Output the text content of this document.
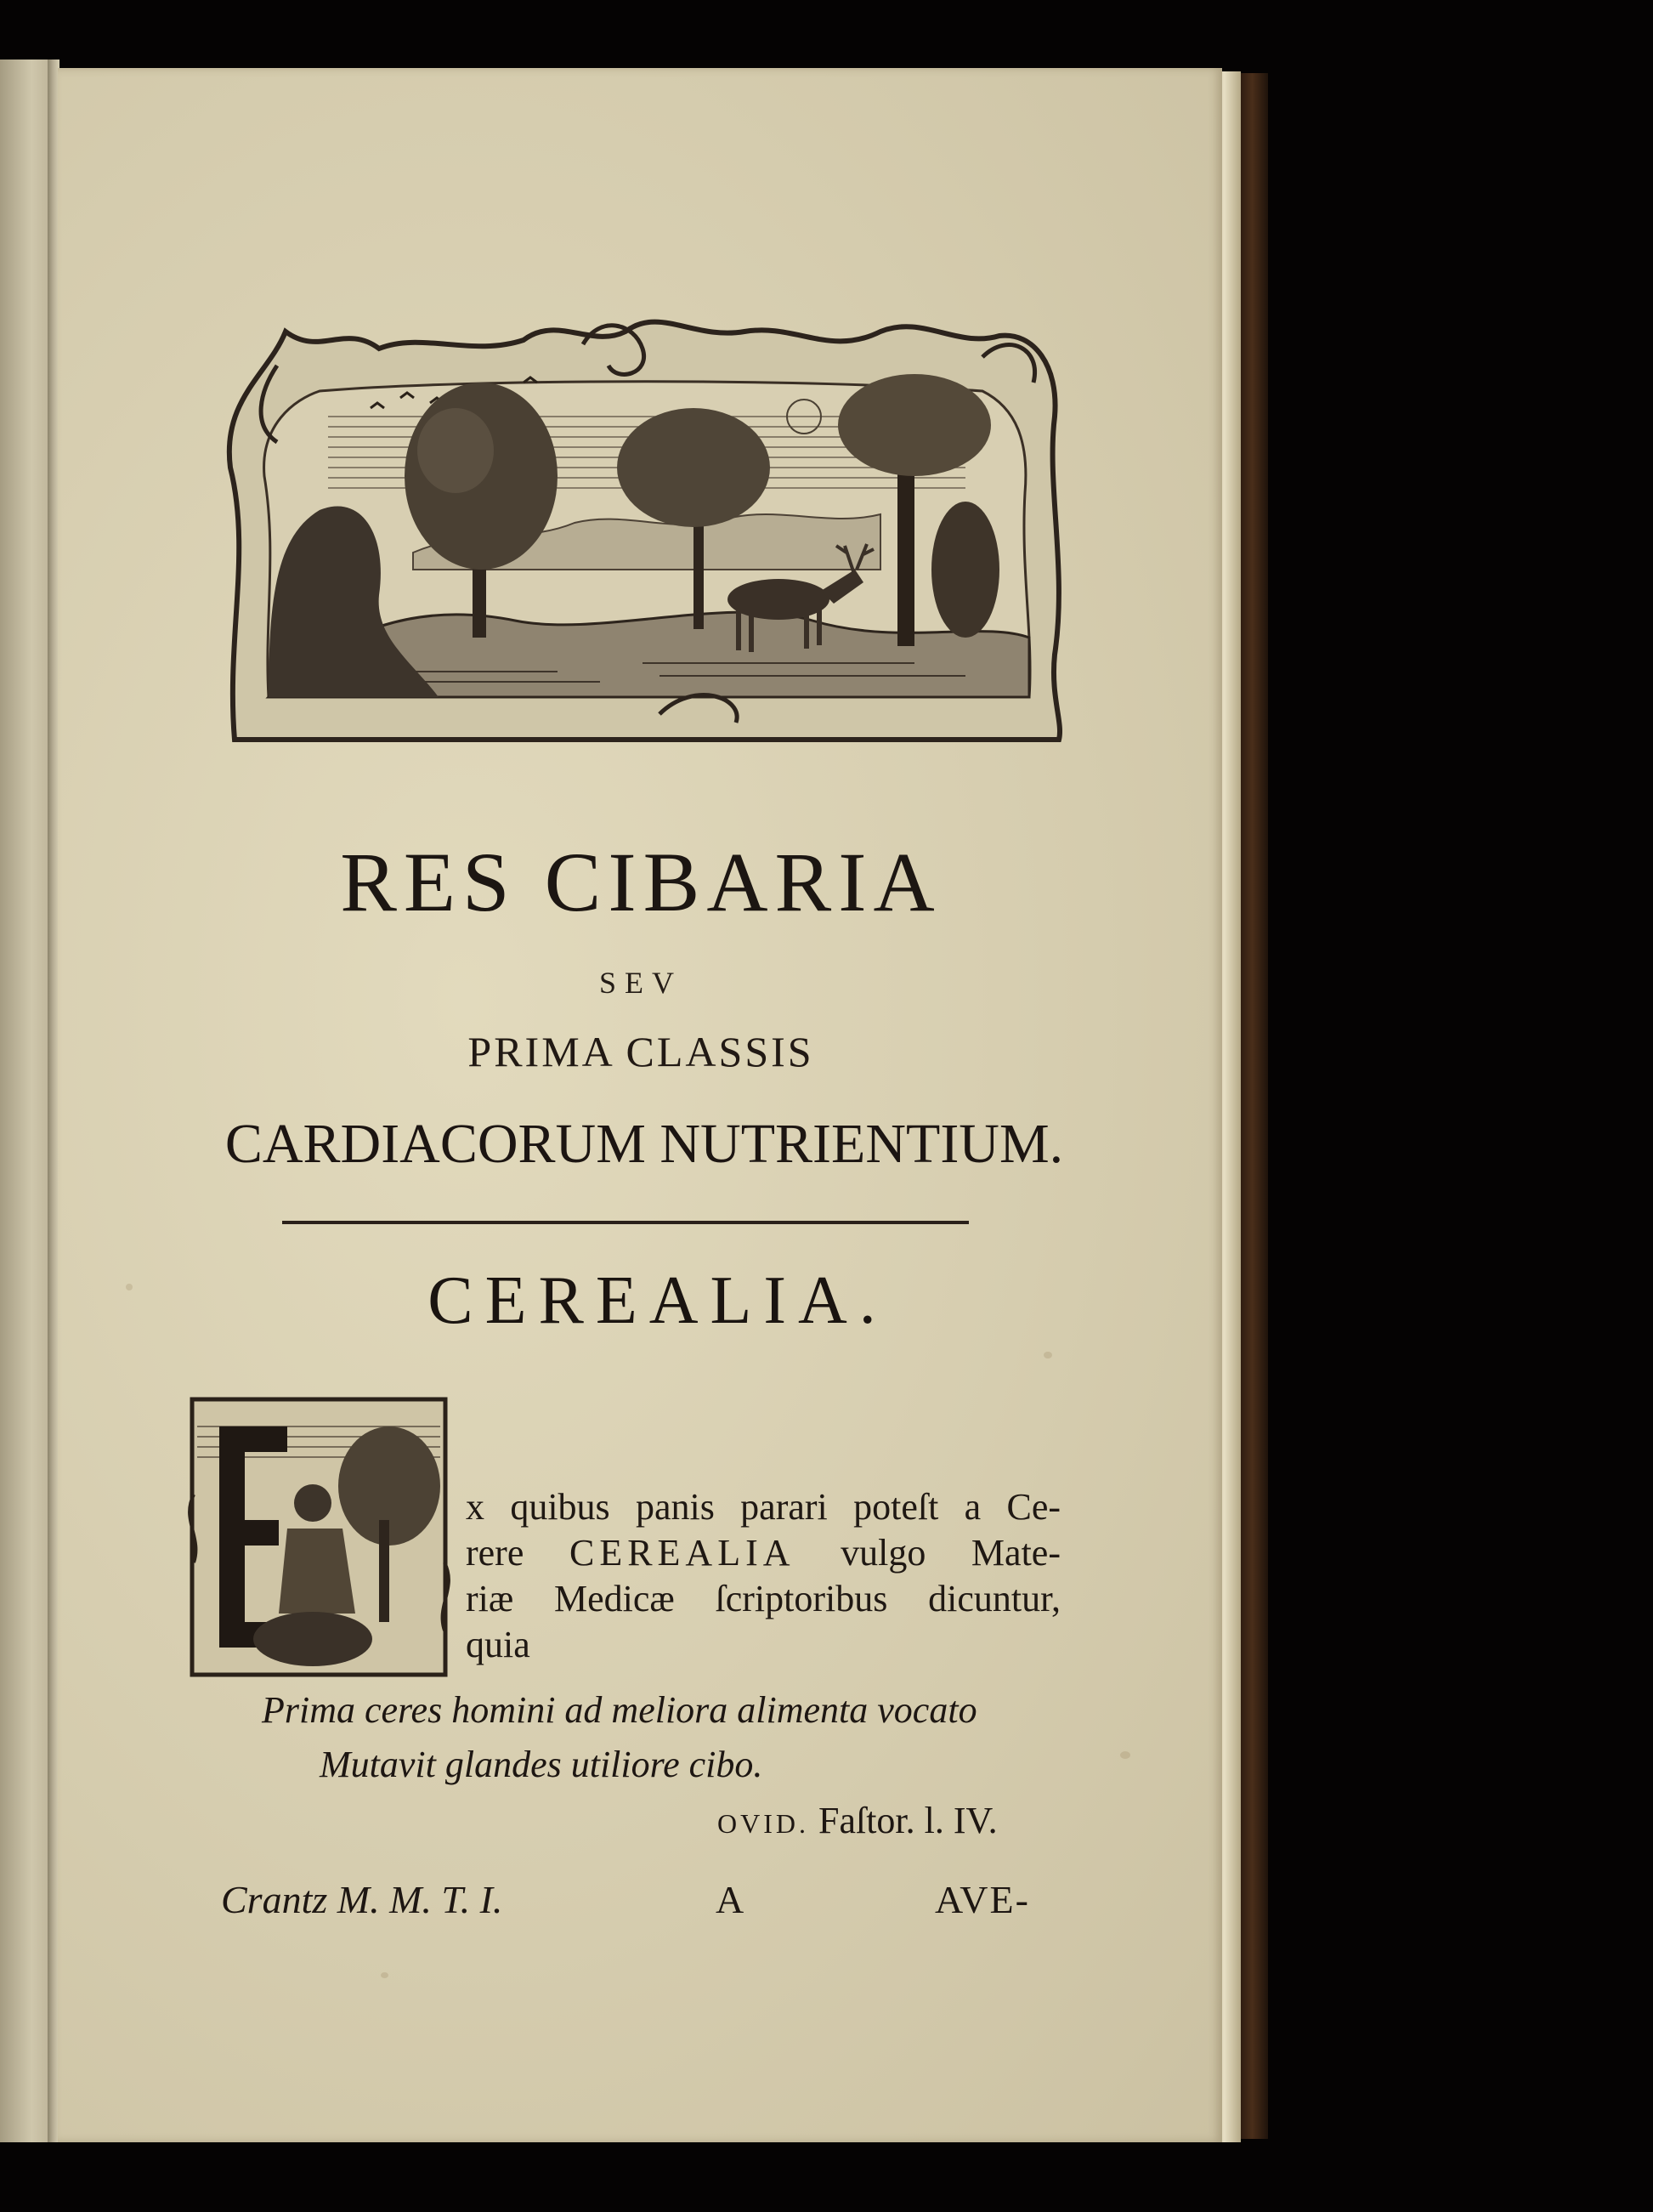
RES CIBARIA
SEV
PRIMA CLASSIS
CARDIACORUM NUTRIENTIUM.
CEREALIA.
x quibus panis parari poteſt a Ce-
rere CEREALIA vulgo Mate-
riæ Medicæ ſcriptoribus dicuntur,
quia
Prima ceres homini ad meliora alimenta vocato
Mutavit glandes utiliore cibo.
OVID. Faſtor. l. IV.
Crantz M. M. T. I.	A	AVE-
